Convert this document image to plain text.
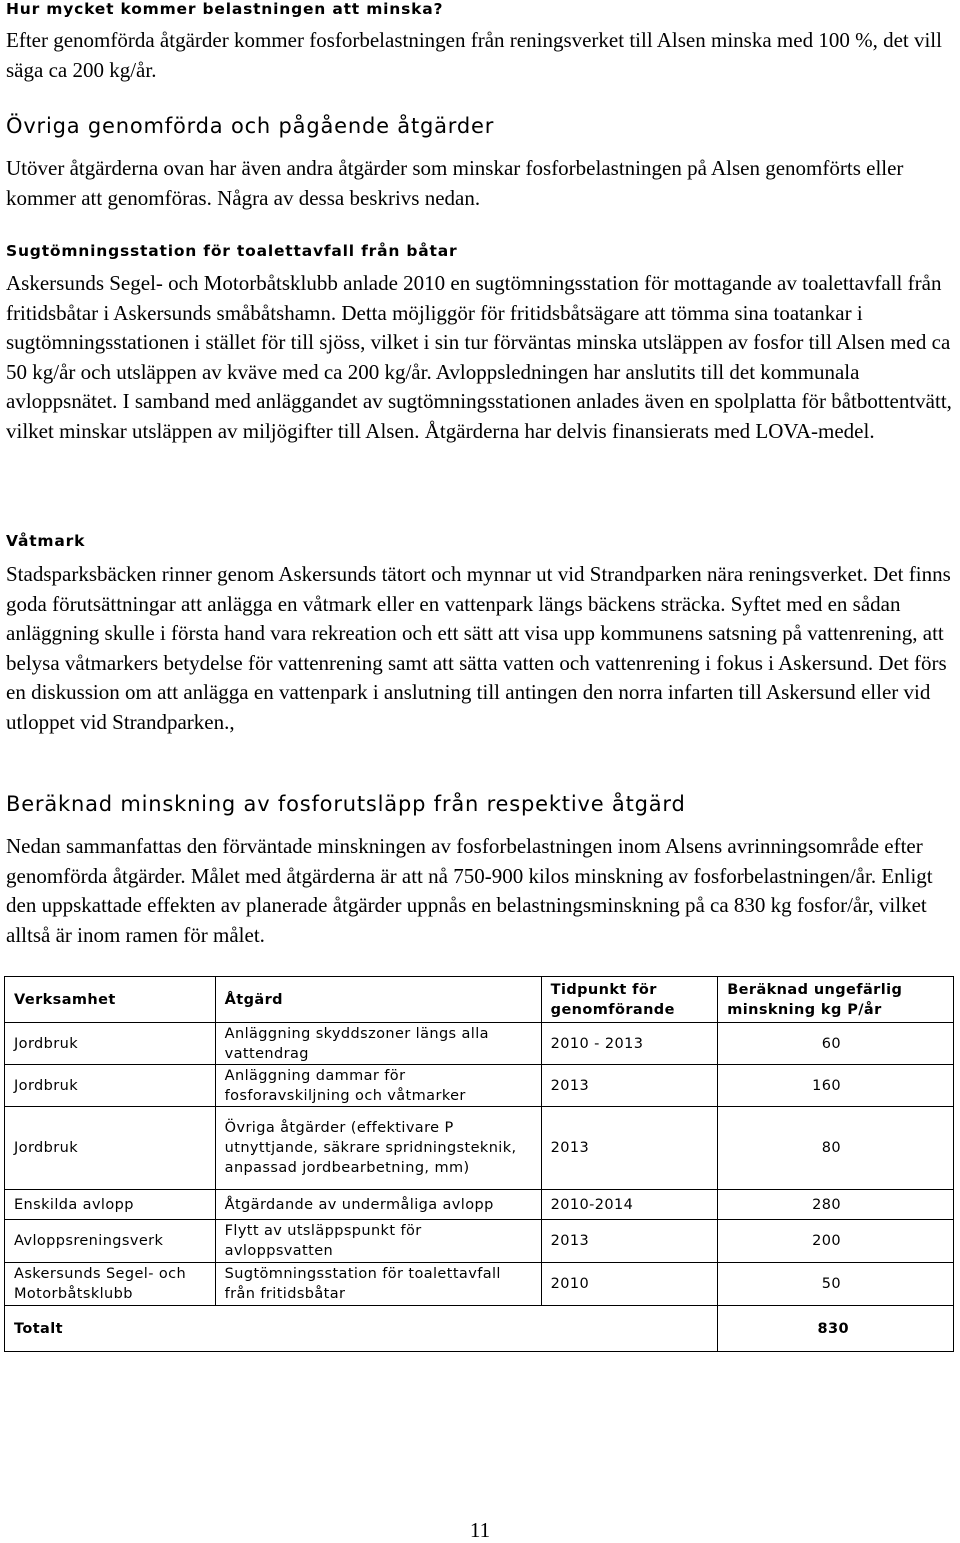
Hur mycket kommer belastningen att minska?

Efter genomförda åtgärder kommer fosforbelastningen från reningsverket till Alsen minska med 100 %, det vill säga ca 200 kg/år.

Övriga genomförda och pågående åtgärder

Utöver åtgärderna ovan har även andra åtgärder som minskar fosforbelastningen på Alsen genomförts eller kommer att genomföras. Några av dessa beskrivs nedan.

Sugtömningsstation för toalettavfall från båtar

Askersunds Segel- och Motorbåtsklubb anlade 2010 en sugtömningsstation för mottagande av toalettavfall från fritidsbåtar i Askersunds småbåtshamn. Detta möjliggör för fritidsbåtsägare att tömma sina toatankar i sugtömningsstationen i stället för till sjöss, vilket i sin tur förväntas minska utsläppen av fosfor till Alsen med ca 50 kg/år och utsläppen av kväve med ca 200 kg/år. Avloppsledningen har anslutits till det kommunala avloppsnätet. I samband med anläggandet av sugtömningsstationen anlades även en spolplatta för båtbottentvätt, vilket minskar utsläppen av miljögifter till Alsen. Åtgärderna har delvis finansierats med LOVA-medel.

Våtmark

Stadsparksbäcken rinner genom Askersunds tätort och mynnar ut vid Strandparken nära reningsverket. Det finns goda förutsättningar att anlägga en våtmark eller en vattenpark längs bäckens sträcka. Syftet med en sådan anläggning skulle i första hand vara rekreation och ett sätt att visa upp kommunens satsning på vattenrening, att belysa våtmarkers betydelse för vattenrening samt att sätta vatten och vattenrening i fokus i Askersund. Det förs en diskussion om att anlägga en vattenpark i anslutning till antingen den norra infarten till Askersund eller vid utloppet vid Strandparken.,

Beräknad minskning av fosforutsläpp från respektive åtgärd

Nedan sammanfattas den förväntade minskningen av fosforbelastningen inom Alsens avrinningsområde efter genomförda åtgärder. Målet med åtgärderna är att nå 750-900 kilos minskning av fosforbelastningen/år. Enligt den uppskattade effekten av planerade åtgärder uppnås en belastningsminskning på ca 830 kg fosfor/år, vilket alltså är inom ramen för målet.

Verksamhet	Åtgärd	Tidpunkt för genomförande	Beräknad ungefärlig minskning kg P/år
Jordbruk	Anläggning skyddszoner längs alla vattendrag	2010 - 2013	60
Jordbruk	Anläggning dammar för fosforavskiljning och våtmarker	2013	160
Jordbruk	Övriga åtgärder (effektivare P utnyttjande, säkrare spridningsteknik, anpassad jordbearbetning, mm)	2013	80
Enskilda avlopp	Åtgärdande av undermåliga avlopp	2010-2014	280
Avloppsreningsverk	Flytt av utsläppspunkt för avloppsvatten	2013	200
Askersunds Segel- och Motorbåtsklubb	Sugtömningsstation för toalettavfall från fritidsbåtar	2010	50
Totalt			830
11
